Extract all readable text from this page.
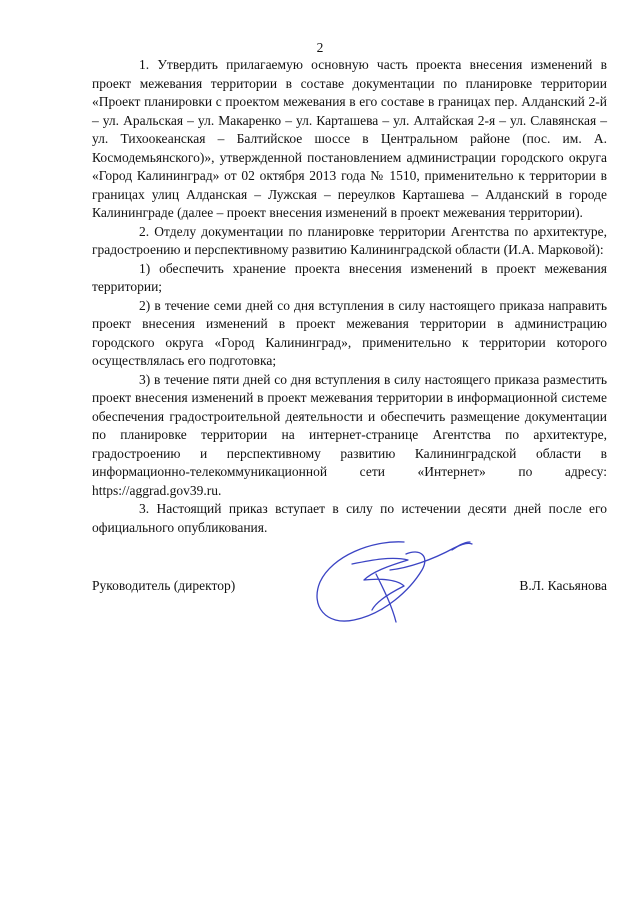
2

1. Утвердить прилагаемую основную часть проекта внесения изменений в проект межевания территории в составе документации по планировке территории «Проект планировки с проектом межевания в его составе в границах пер. Алданский 2-й – ул. Аральская – ул. Макаренко – ул. Карташева – ул. Алтайская 2-я – ул. Славянская – ул. Тихоокеанская – Балтийское шоссе в Центральном районе (пос. им. А. Космодемьянского)», утвержденной постановлением администрации городского округа «Город Калининград» от 02 октября 2013 года № 1510, применительно к территории в границах улиц Алданская – Лужская – переулков Карташева – Алданский в городе Калининграде (далее – проект внесения изменений в проект межевания территории).

2. Отделу документации по планировке территории Агентства по архитектуре, градостроению и перспективному развитию Калининградской области (И.А. Марковой):

1) обеспечить хранение проекта внесения изменений в проект межевания территории;

2) в течение семи дней со дня вступления в силу настоящего приказа направить проект внесения изменений в проект межевания территории в администрацию городского округа «Город Калининград», применительно к территории которого осуществлялась его подготовка;

3) в течение пяти дней со дня вступления в силу настоящего приказа разместить проект внесения изменений в проект межевания территории в информационной системе обеспечения градостроительной деятельности и обеспечить размещение документации по планировке территории на интернет-странице Агентства по архитектуре, градостроению и перспективному развитию Калининградской области в информационно-телекоммуникационной сети «Интернет» по адресу: https://aggrad.gov39.ru.

3. Настоящий приказ вступает в силу по истечении десяти дней после его официального опубликования.

Руководитель (директор)	В.Л. Касьянова
